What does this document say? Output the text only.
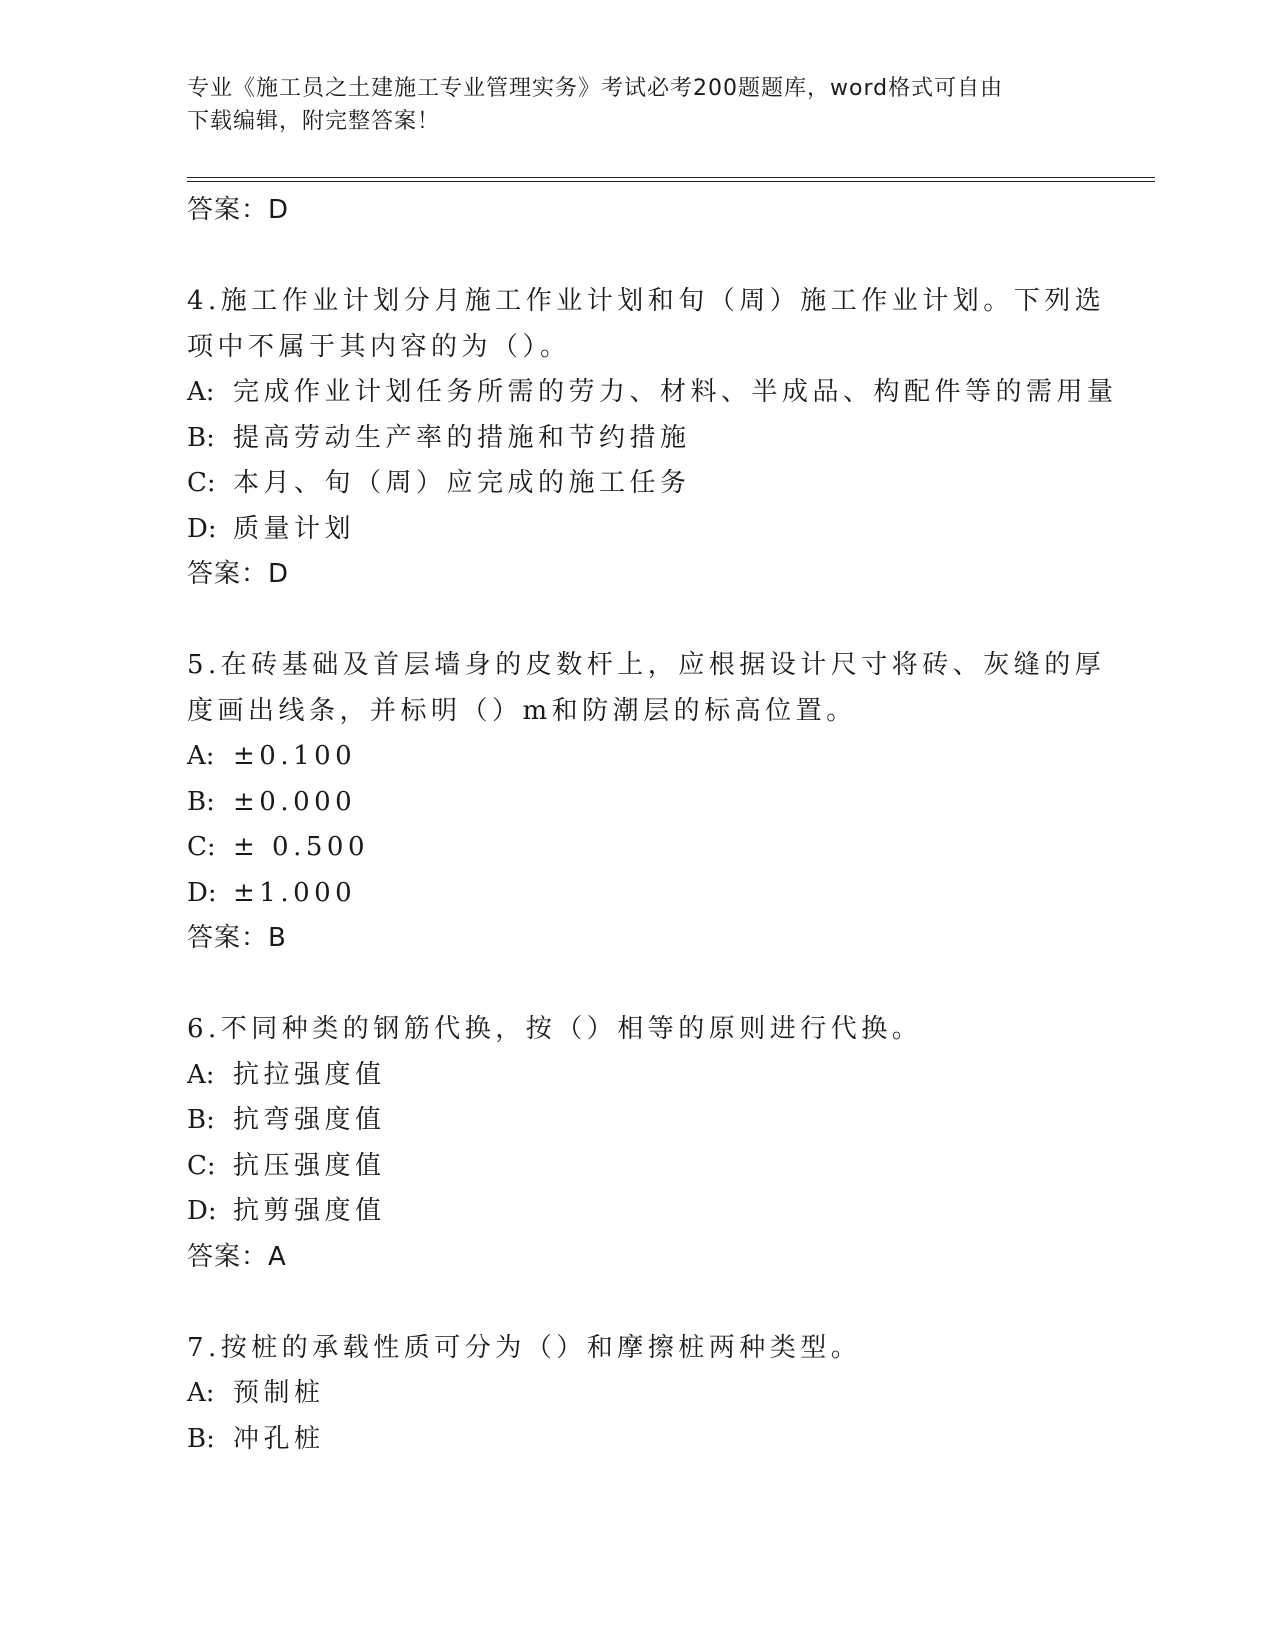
专业《施工员之土建施工专业管理实务》考试必考200题题库，word格式可自由
下载编辑，附完整答案！
答案：D
4.施工作业计划分月施工作业计划和旬（周）施工作业计划。下列选
项中不属于其内容的为（）。
A: 完成作业计划任务所需的劳力、材料、半成品、构配件等的需用量
B: 提高劳动生产率的措施和节约措施
C: 本月、旬（周）应完成的施工任务
D: 质量计划
答案：D
5.在砖基础及首层墙身的皮数杆上，应根据设计尺寸将砖、灰缝的厚
度画出线条，并标明（）m和防潮层的标高位置。
A: ±0.100
B: ±0.000
C: ± 0.500
D: ±1.000
答案：B
6.不同种类的钢筋代换，按（）相等的原则进行代换。
A: 抗拉强度值
B: 抗弯强度值
C: 抗压强度值
D: 抗剪强度值
答案：A
7.按桩的承载性质可分为（）和摩擦桩两种类型。
A: 预制桩
B: 冲孔桩
